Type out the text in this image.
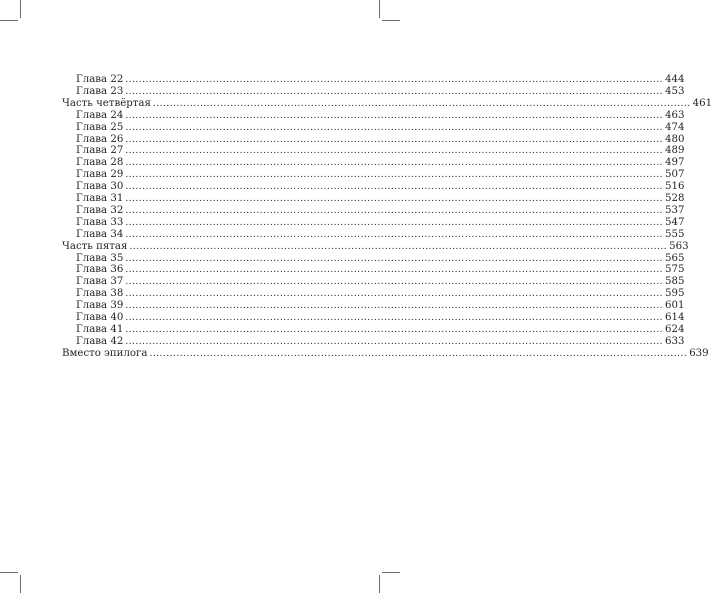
Глава 22 ................................................................................................................................................................ 444
Глава 23 ................................................................................................................................................................ 453
Часть четвёртая ................................................................................................................................................................ 461
Глава 24 ................................................................................................................................................................ 463
Глава 25 ................................................................................................................................................................ 474
Глава 26 ................................................................................................................................................................ 480
Глава 27 ................................................................................................................................................................ 489
Глава 28 ................................................................................................................................................................ 497
Глава 29 ................................................................................................................................................................ 507
Глава 30 ................................................................................................................................................................ 516
Глава 31 ................................................................................................................................................................ 528
Глава 32 ................................................................................................................................................................ 537
Глава 33 ................................................................................................................................................................ 547
Глава 34 ................................................................................................................................................................ 555
Часть пятая ................................................................................................................................................................ 563
Глава 35 ................................................................................................................................................................ 565
Глава 36 ................................................................................................................................................................ 575
Глава 37 ................................................................................................................................................................ 585
Глава 38 ................................................................................................................................................................ 595
Глава 39 ................................................................................................................................................................ 601
Глава 40 ................................................................................................................................................................ 614
Глава 41 ................................................................................................................................................................ 624
Глава 42 ................................................................................................................................................................ 633
Вместо эпилога ................................................................................................................................................................ 639
